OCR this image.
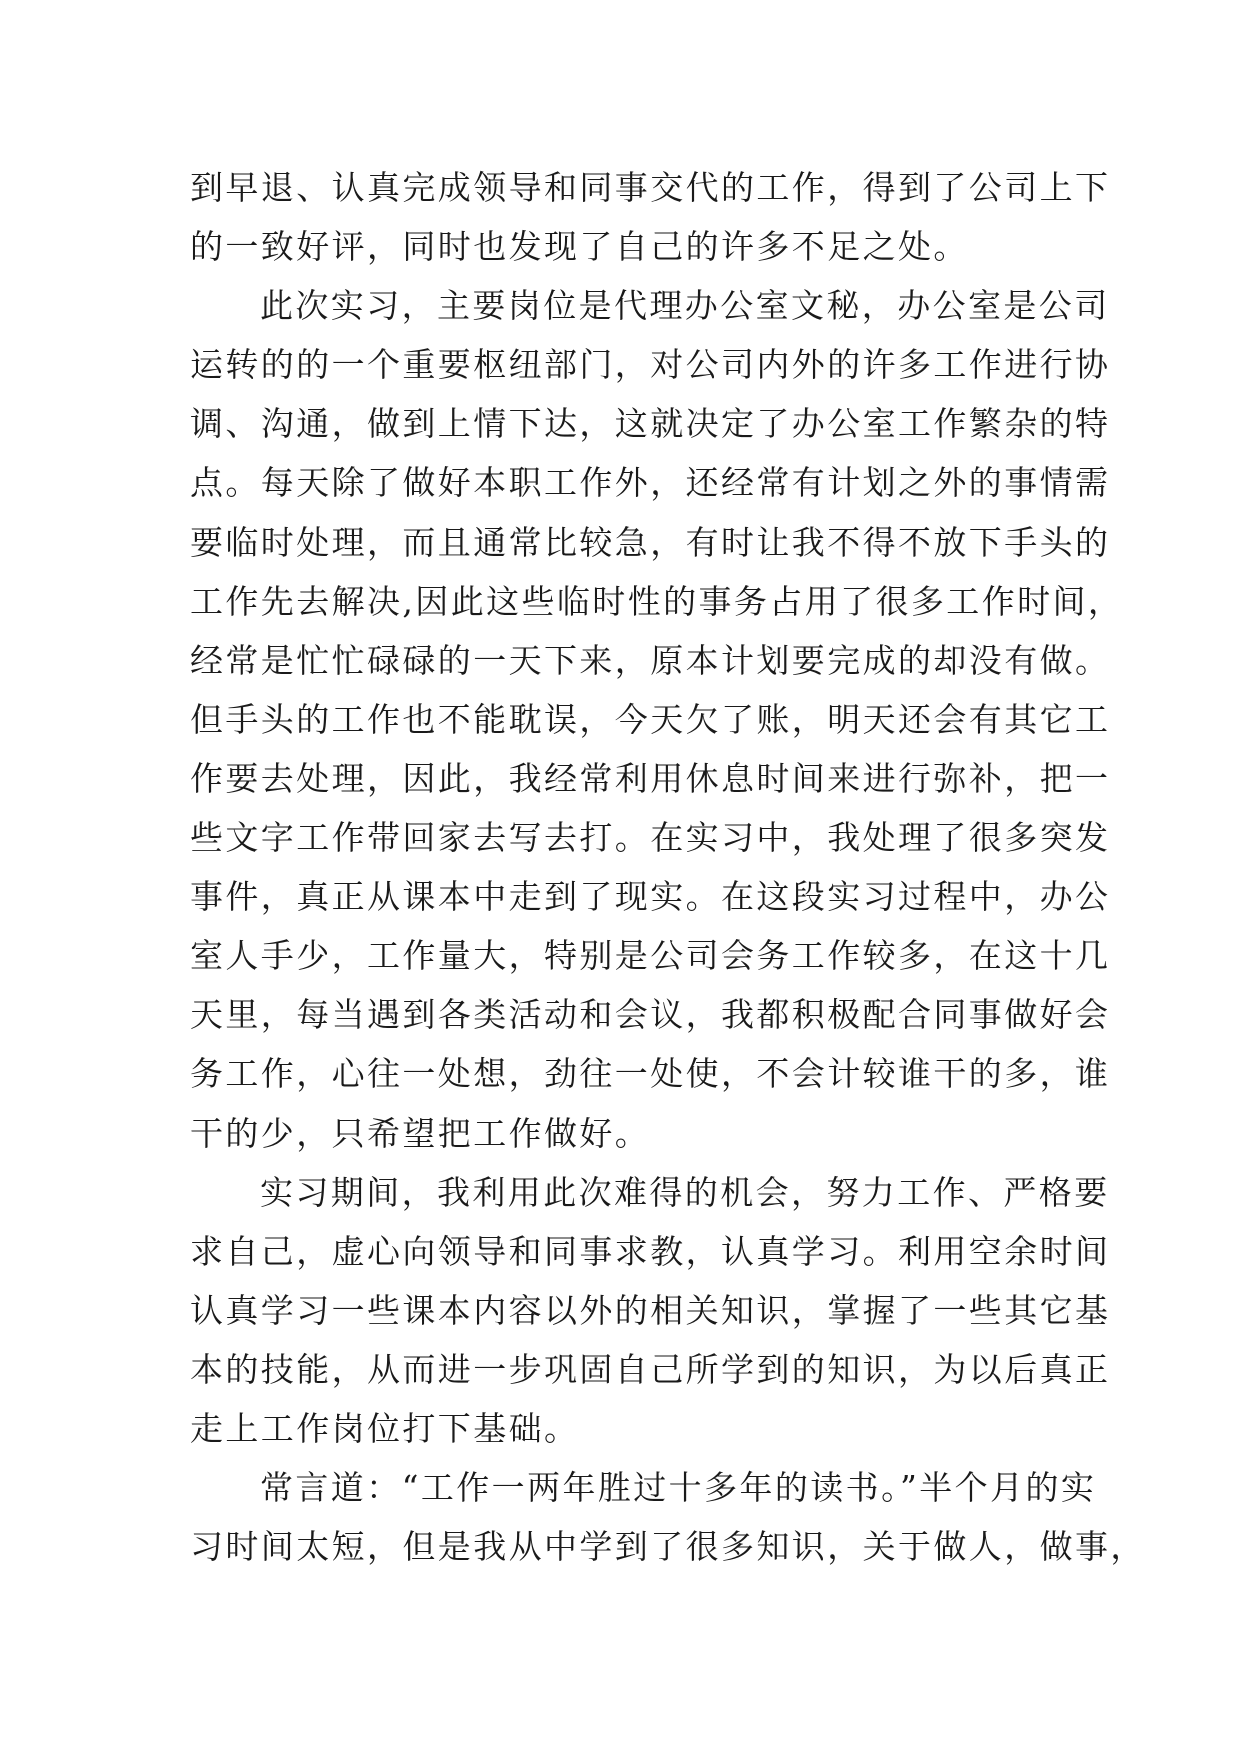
到早退、认真完成领导和同事交代的工作，得到了公司上下
的一致好评，同时也发现了自己的许多不足之处。
此次实习，主要岗位是代理办公室文秘，办公室是公司
运转的的一个重要枢纽部门，对公司内外的许多工作进行协
调、沟通，做到上情下达，这就决定了办公室工作繁杂的特
点。每天除了做好本职工作外，还经常有计划之外的事情需
要临时处理，而且通常比较急，有时让我不得不放下手头的
工作先去解决,因此这些临时性的事务占用了很多工作时间，
经常是忙忙碌碌的一天下来，原本计划要完成的却没有做。
但手头的工作也不能耽误，今天欠了账，明天还会有其它工
作要去处理，因此，我经常利用休息时间来进行弥补，把一
些文字工作带回家去写去打。在实习中，我处理了很多突发
事件，真正从课本中走到了现实。在这段实习过程中，办公
室人手少，工作量大，特别是公司会务工作较多，在这十几
天里，每当遇到各类活动和会议，我都积极配合同事做好会
务工作，心往一处想，劲往一处使，不会计较谁干的多，谁
干的少，只希望把工作做好。
实习期间，我利用此次难得的机会，努力工作、严格要
求自己，虚心向领导和同事求教，认真学习。利用空余时间
认真学习一些课本内容以外的相关知识，掌握了一些其它基
本的技能，从而进一步巩固自己所学到的知识，为以后真正
走上工作岗位打下基础。
常言道：“工作一两年胜过十多年的读书。”半个月的实
习时间太短，但是我从中学到了很多知识，关于做人，做事，
